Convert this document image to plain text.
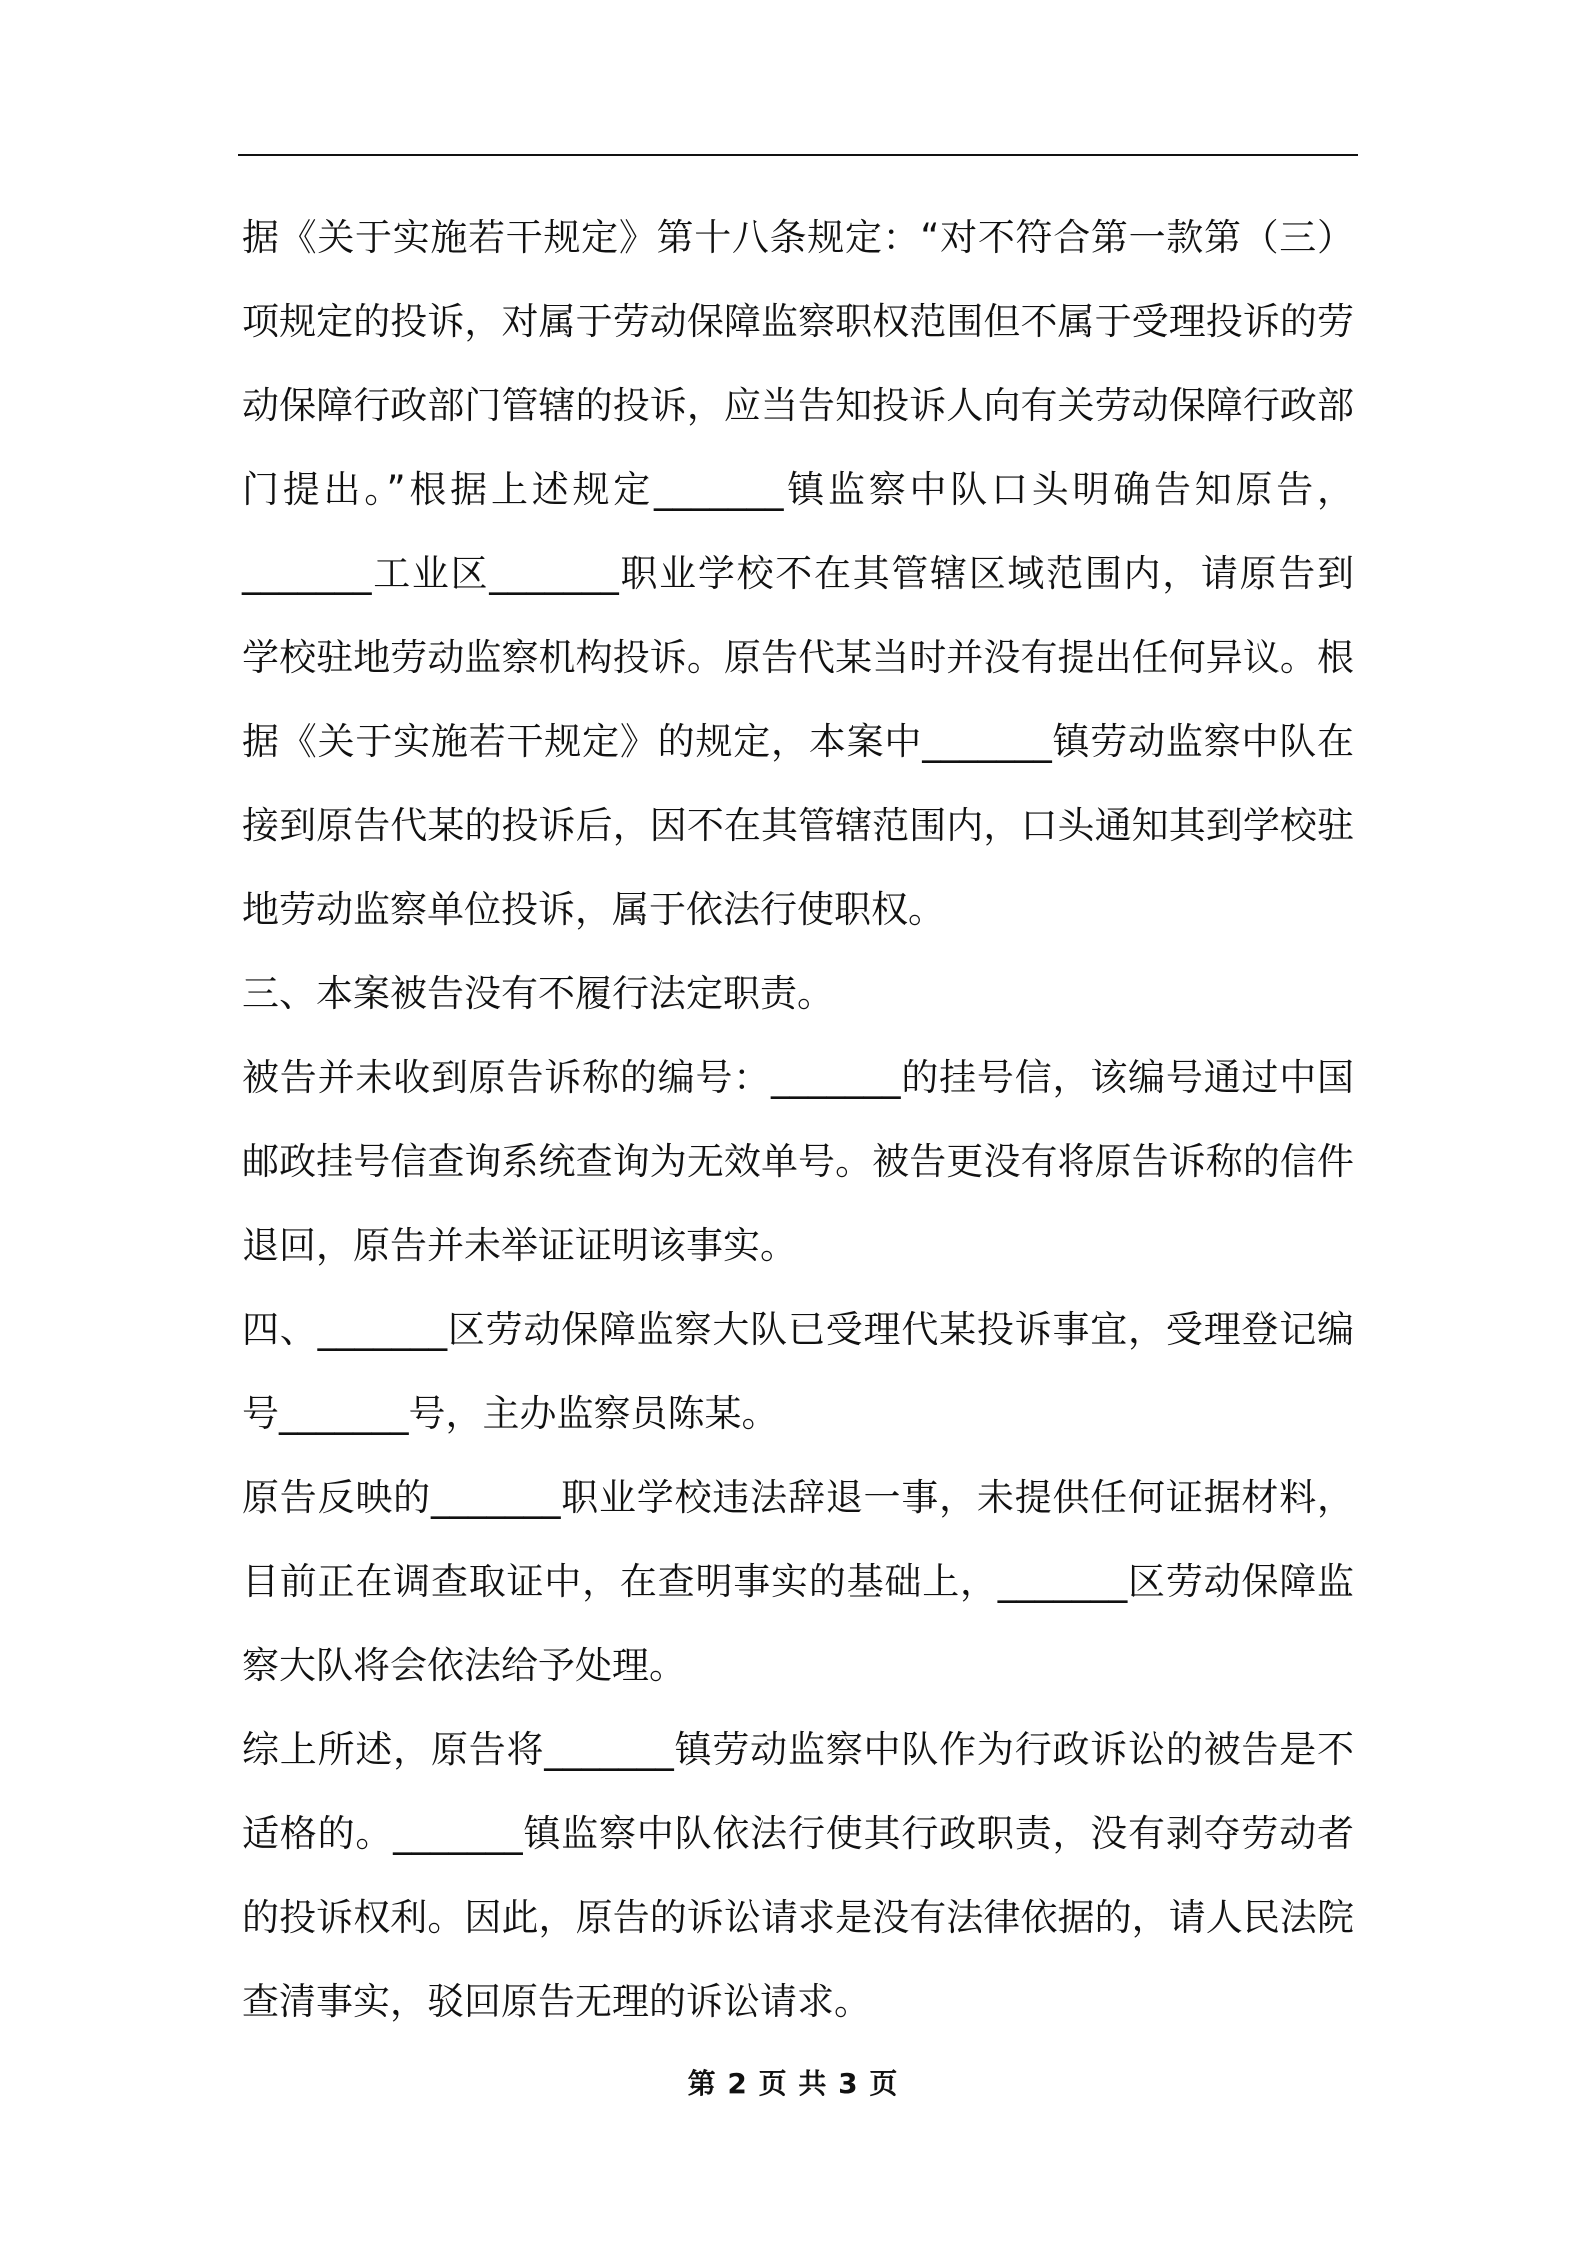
据《关于实施若干规定》第十八条规定：“对不符合第一款第（三）
项规定的投诉，对属于劳动保障监察职权范围但不属于受理投诉的劳
动保障行政部门管辖的投诉，应当告知投诉人向有关劳动保障行政部
门提出。”根据上述规定_______镇监察中队口头明确告知原告，
_______工业区_______职业学校不在其管辖区域范围内，请原告到
学校驻地劳动监察机构投诉。原告代某当时并没有提出任何异议。根
据《关于实施若干规定》的规定，本案中_______镇劳动监察中队在
接到原告代某的投诉后，因不在其管辖范围内，口头通知其到学校驻
地劳动监察单位投诉，属于依法行使职权。
三、本案被告没有不履行法定职责。
被告并未收到原告诉称的编号：_______的挂号信，该编号通过中国
邮政挂号信查询系统查询为无效单号。被告更没有将原告诉称的信件
退回，原告并未举证证明该事实。
四、_______区劳动保障监察大队已受理代某投诉事宜，受理登记编
号_______号，主办监察员陈某。
原告反映的_______职业学校违法辞退一事，未提供任何证据材料，
目前正在调查取证中，在查明事实的基础上，_______区劳动保障监
察大队将会依法给予处理。
综上所述，原告将_______镇劳动监察中队作为行政诉讼的被告是不
适格的。_______镇监察中队依法行使其行政职责，没有剥夺劳动者
的投诉权利。因此，原告的诉讼请求是没有法律依据的，请人民法院
查清事实，驳回原告无理的诉讼请求。
第 2 页 共 3 页
